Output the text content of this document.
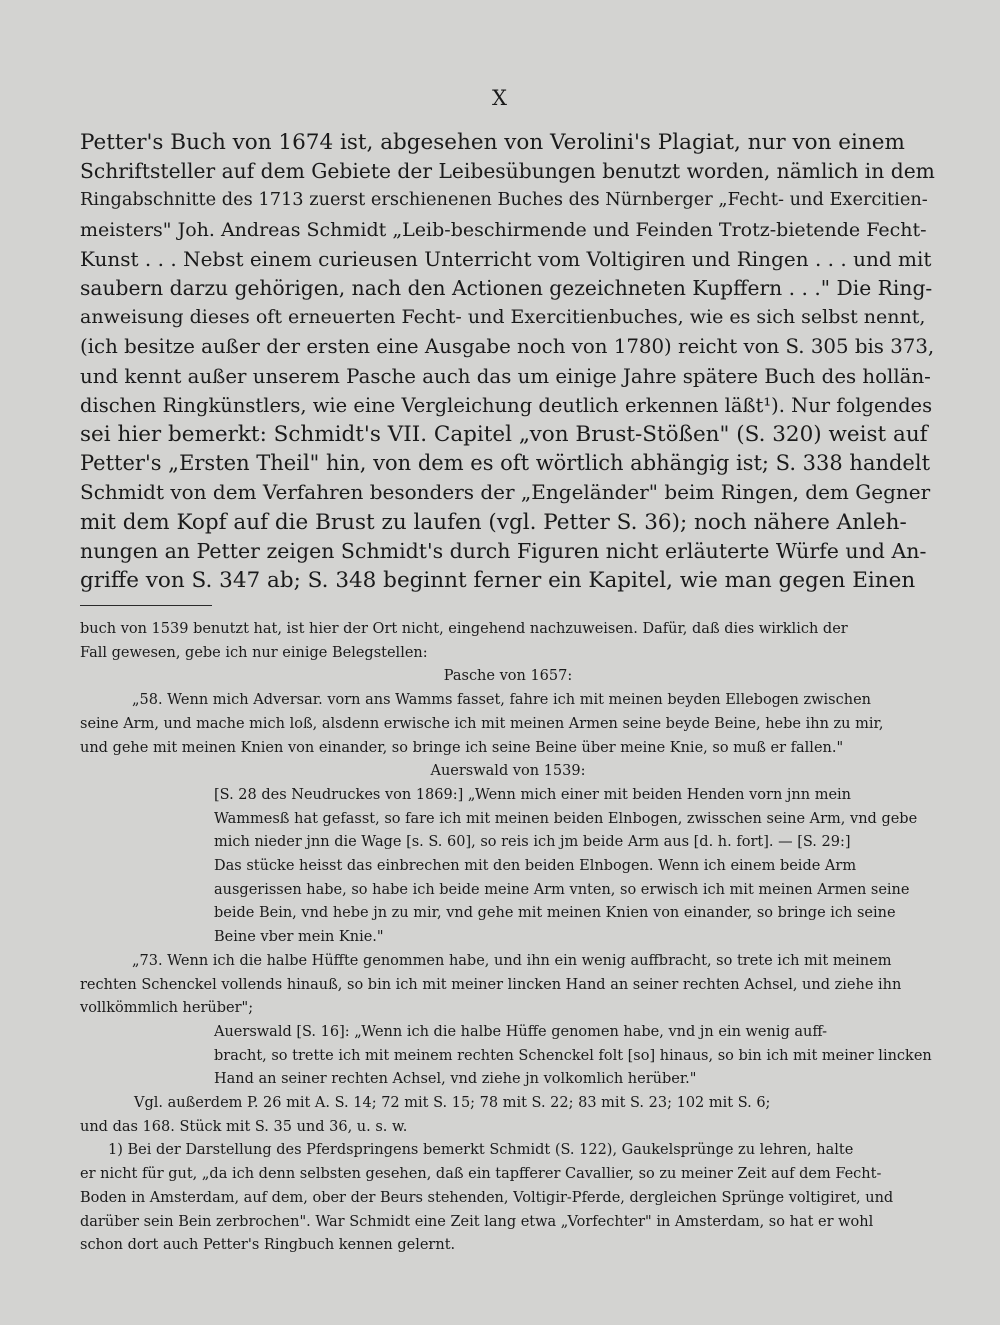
X
Petter's Buch von 1674 ist, abgesehen von Verolini's Plagiat, nur von einem
Schriftsteller auf dem Gebiete der Leibesübungen benutzt worden, nämlich in dem
Ringabschnitte des 1713 zuerst erschienenen Buches des Nürnberger „Fecht- und Exercitien-
meisters" Joh. Andreas Schmidt „Leib-beschirmende und Feinden Trotz-bietende Fecht-
Kunst . . . Nebst einem curieusen Unterricht vom Voltigiren und Ringen . . . und mit
saubern darzu gehörigen, nach den Actionen gezeichneten Kupffern . . ." Die Ring-
anweisung dieses oft erneuerten Fecht- und Exercitienbuches, wie es sich selbst nennt,
(ich besitze außer der ersten eine Ausgabe noch von 1780) reicht von S. 305 bis 373,
und kennt außer unserem Pasche auch das um einige Jahre spätere Buch des hollän-
dischen Ringkünstlers, wie eine Vergleichung deutlich erkennen läßt¹). Nur folgendes
sei hier bemerkt: Schmidt's VII. Capitel „von Brust-Stößen" (S. 320) weist auf
Petter's „Ersten Theil" hin, von dem es oft wörtlich abhängig ist; S. 338 handelt
Schmidt von dem Verfahren besonders der „Engeländer" beim Ringen, dem Gegner
mit dem Kopf auf die Brust zu laufen (vgl. Petter S. 36); noch nähere Anleh-
nungen an Petter zeigen Schmidt's durch Figuren nicht erläuterte Würfe und An-
griffe von S. 347 ab; S. 348 beginnt ferner ein Kapitel, wie man gegen Einen
buch von 1539 benutzt hat, ist hier der Ort nicht, eingehend nachzuweisen. Dafür, daß dies wirklich der
Fall gewesen, gebe ich nur einige Belegstellen:
Pasche von 1657:
„58. Wenn mich Adversar. vorn ans Wamms fasset, fahre ich mit meinen beyden Ellebogen zwischen
seine Arm, und mache mich loß, alsdenn erwische ich mit meinen Armen seine beyde Beine, hebe ihn zu mir,
und gehe mit meinen Knien von einander, so bringe ich seine Beine über meine Knie, so muß er fallen."
Auerswald von 1539:
[S. 28 des Neudruckes von 1869:] „Wenn mich einer mit beiden Henden vorn jnn mein
Wammesß hat gefasst, so fare ich mit meinen beiden Elnbogen, zwisschen seine Arm, vnd gebe
mich nieder jnn die Wage [s. S. 60], so reis ich jm beide Arm aus [d. h. fort]. — [S. 29:]
Das stücke heisst das einbrechen mit den beiden Elnbogen. Wenn ich einem beide Arm
ausgerissen habe, so habe ich beide meine Arm vnten, so erwisch ich mit meinen Armen seine
beide Bein, vnd hebe jn zu mir, vnd gehe mit meinen Knien von einander, so bringe ich seine
Beine vber mein Knie."
„73. Wenn ich die halbe Hüffte genommen habe, und ihn ein wenig auffbracht, so trete ich mit meinem
rechten Schenckel vollends hinauß, so bin ich mit meiner lincken Hand an seiner rechten Achsel, und ziehe ihn
vollkömmlich herüber";
Auerswald [S. 16]: „Wenn ich die halbe Hüffe genomen habe, vnd jn ein wenig auff-
bracht, so trette ich mit meinem rechten Schenckel folt [so] hinaus, so bin ich mit meiner lincken
Hand an seiner rechten Achsel, vnd ziehe jn volkomlich herüber."
Vgl. außerdem P. 26 mit A. S. 14; 72 mit S. 15; 78 mit S. 22; 83 mit S. 23; 102 mit S. 6;
und das 168. Stück mit S. 35 und 36, u. s. w.
1) Bei der Darstellung des Pferdspringens bemerkt Schmidt (S. 122), Gaukelsprünge zu lehren, halte
er nicht für gut, „da ich denn selbsten gesehen, daß ein tapfferer Cavallier, so zu meiner Zeit auf dem Fecht-
Boden in Amsterdam, auf dem, ober der Beurs stehenden, Voltigir-Pferde, dergleichen Sprünge voltigiret, und
darüber sein Bein zerbrochen". War Schmidt eine Zeit lang etwa „Vorfechter" in Amsterdam, so hat er wohl
schon dort auch Petter's Ringbuch kennen gelernt.
